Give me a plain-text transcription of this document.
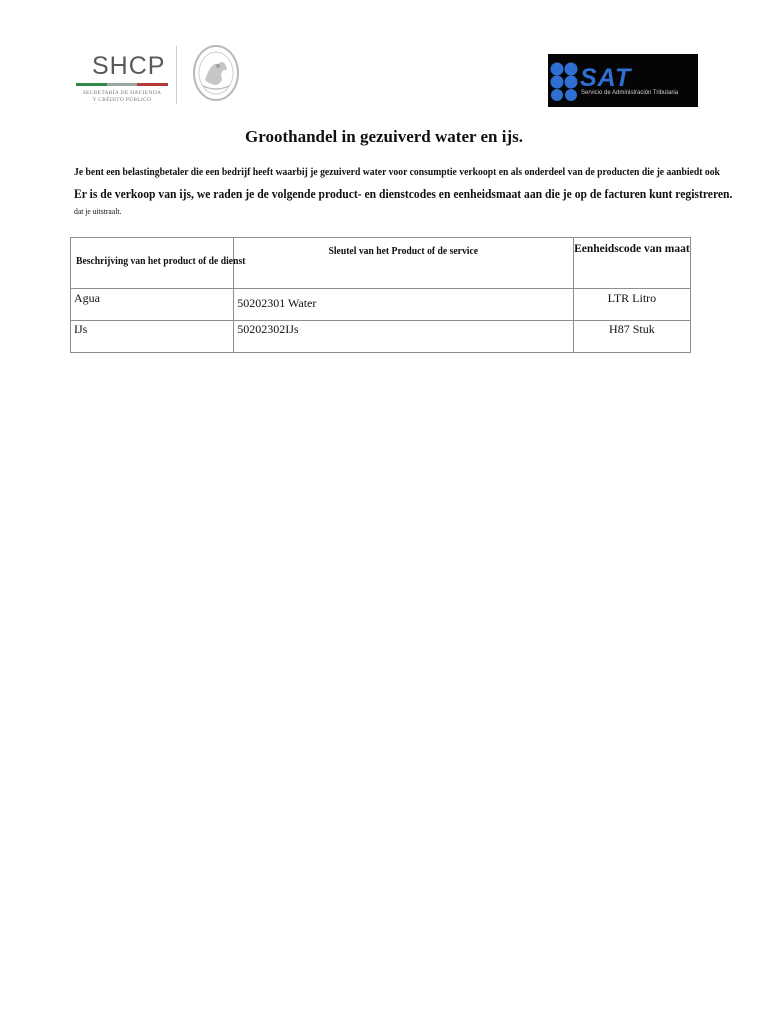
SHCP
SECRETARÍA DE HACIENDA
Y CRÉDITO PÚBLICO
SAT
Servicio de Administración Tributaria
Groothandel in gezuiverd water en ijs.
Je bent een belastingbetaler die een bedrijf heeft waarbij je gezuiverd water voor consumptie verkoopt en als onderdeel van de producten die je aanbiedt ook
Er is de verkoop van ijs, we raden je de volgende product- en dienstcodes en eenheidsmaat aan die je op de facturen kunt registreren.
dat je uitstraalt.
Beschrijving van het product of de dienst	Sleutel van het Product of de service	Eenheidscode van maat

Agua	50202301 Water	LTR Litro

IJs	50202302IJs	H87 Stuk
